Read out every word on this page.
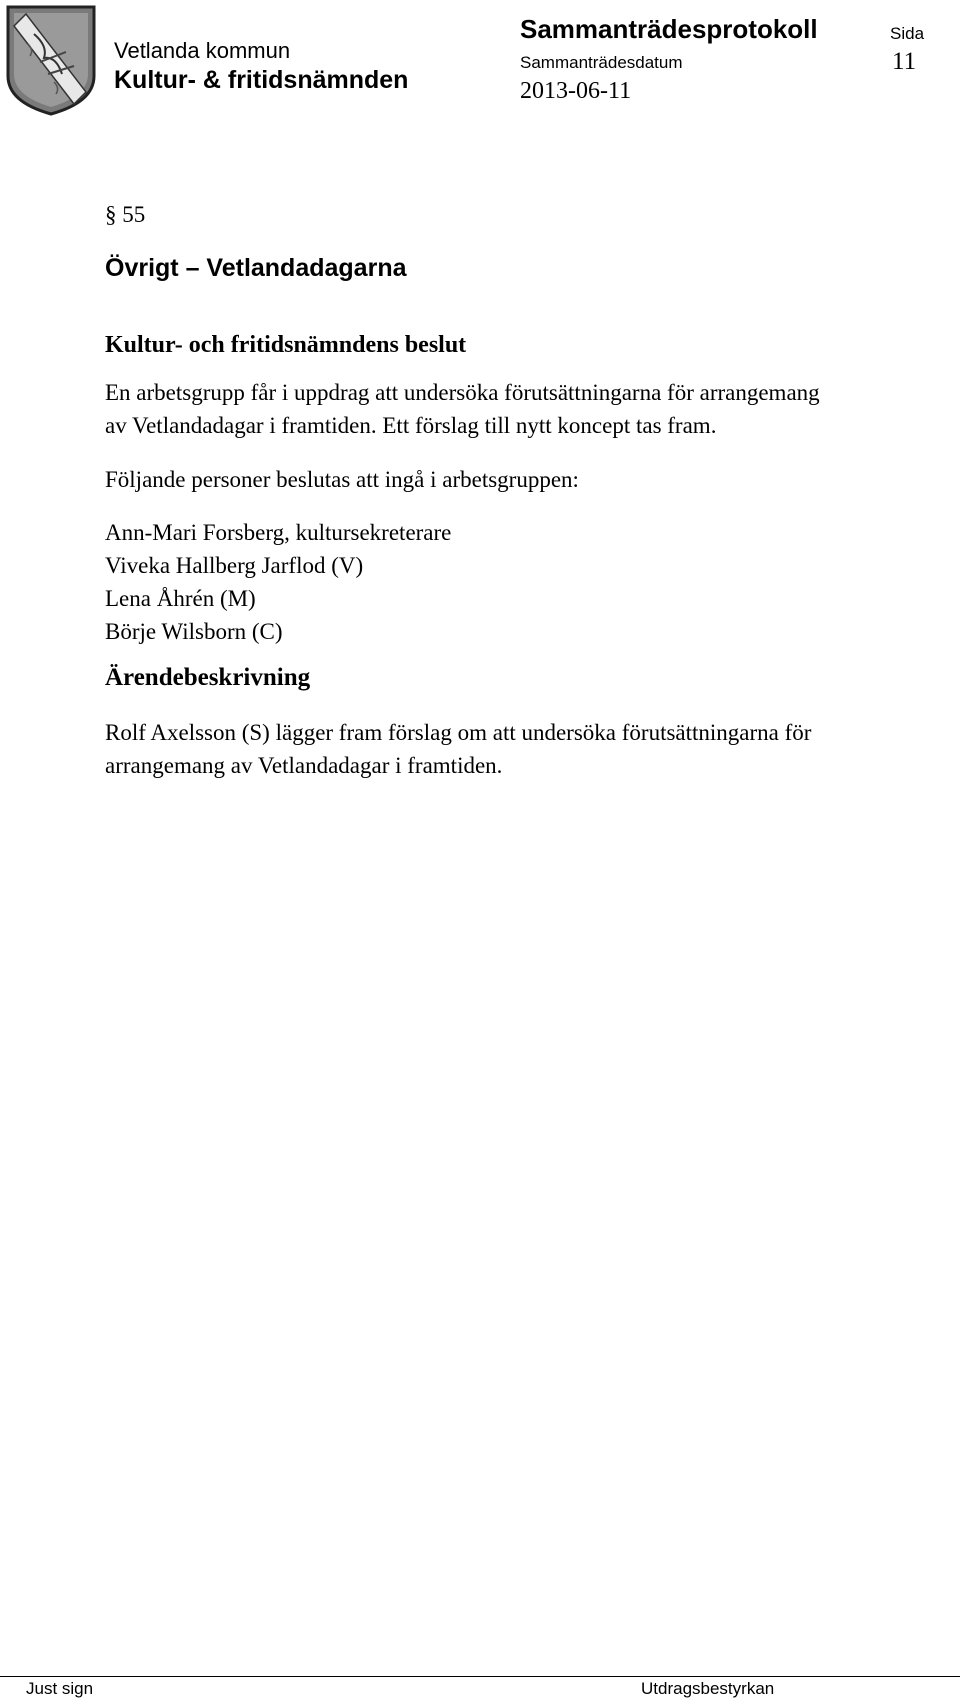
Vetlanda kommun
Kultur- & fritidsnämnden
Sammanträdesprotokoll
Sammanträdesdatum
2013-06-11
Sida
11
§ 55
Övrigt – Vetlandadagarna
Kultur- och fritidsnämndens beslut
En arbetsgrupp får i uppdrag att undersöka förutsättningarna för arrangemang
av Vetlandadagar i framtiden. Ett förslag till nytt koncept tas fram.
Följande personer beslutas att ingå i arbetsgruppen:
Ann-Mari Forsberg, kultursekreterare
Viveka Hallberg Jarflod (V)
Lena Åhrén (M)
Börje Wilsborn (C)
Ärendebeskrivning
Rolf Axelsson (S) lägger fram förslag om att undersöka förutsättningarna för
arrangemang av Vetlandadagar i framtiden.
Just sign	Utdragsbestyrkan
